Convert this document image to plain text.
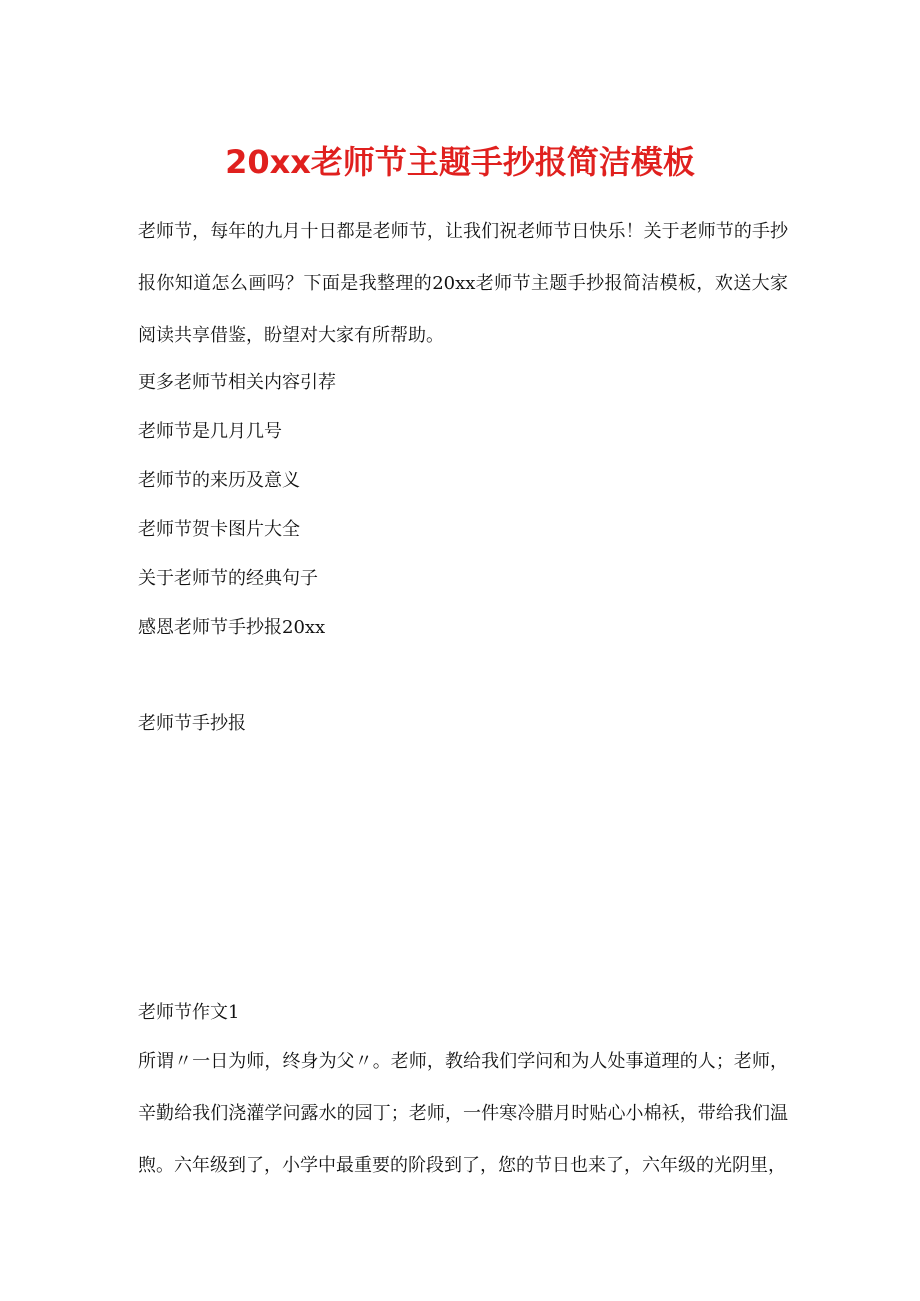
20xx老师节主题手抄报简洁模板
老师节，每年的九月十日都是老师节，让我们祝老师节日快乐！关于老师节的手抄报你知道怎么画吗？下面是我整理的20xx老师节主题手抄报简洁模板，欢送大家阅读共享借鉴，盼望对大家有所帮助。
更多老师节相关内容引荐
老师节是几月几号
老师节的来历及意义
老师节贺卡图片大全
关于老师节的经典句子
感恩老师节手抄报20xx
老师节手抄报
老师节作文1
所谓〃一日为师，终身为父〃。老师，教给我们学问和为人处事道理的人；老师，辛勤给我们浇灌学问露水的园丁；老师，一件寒冷腊月时贴心小棉袄，带给我们温煦。六年级到了，小学中最重要的阶段到了，您的节日也来了，六年级的光阴里，
